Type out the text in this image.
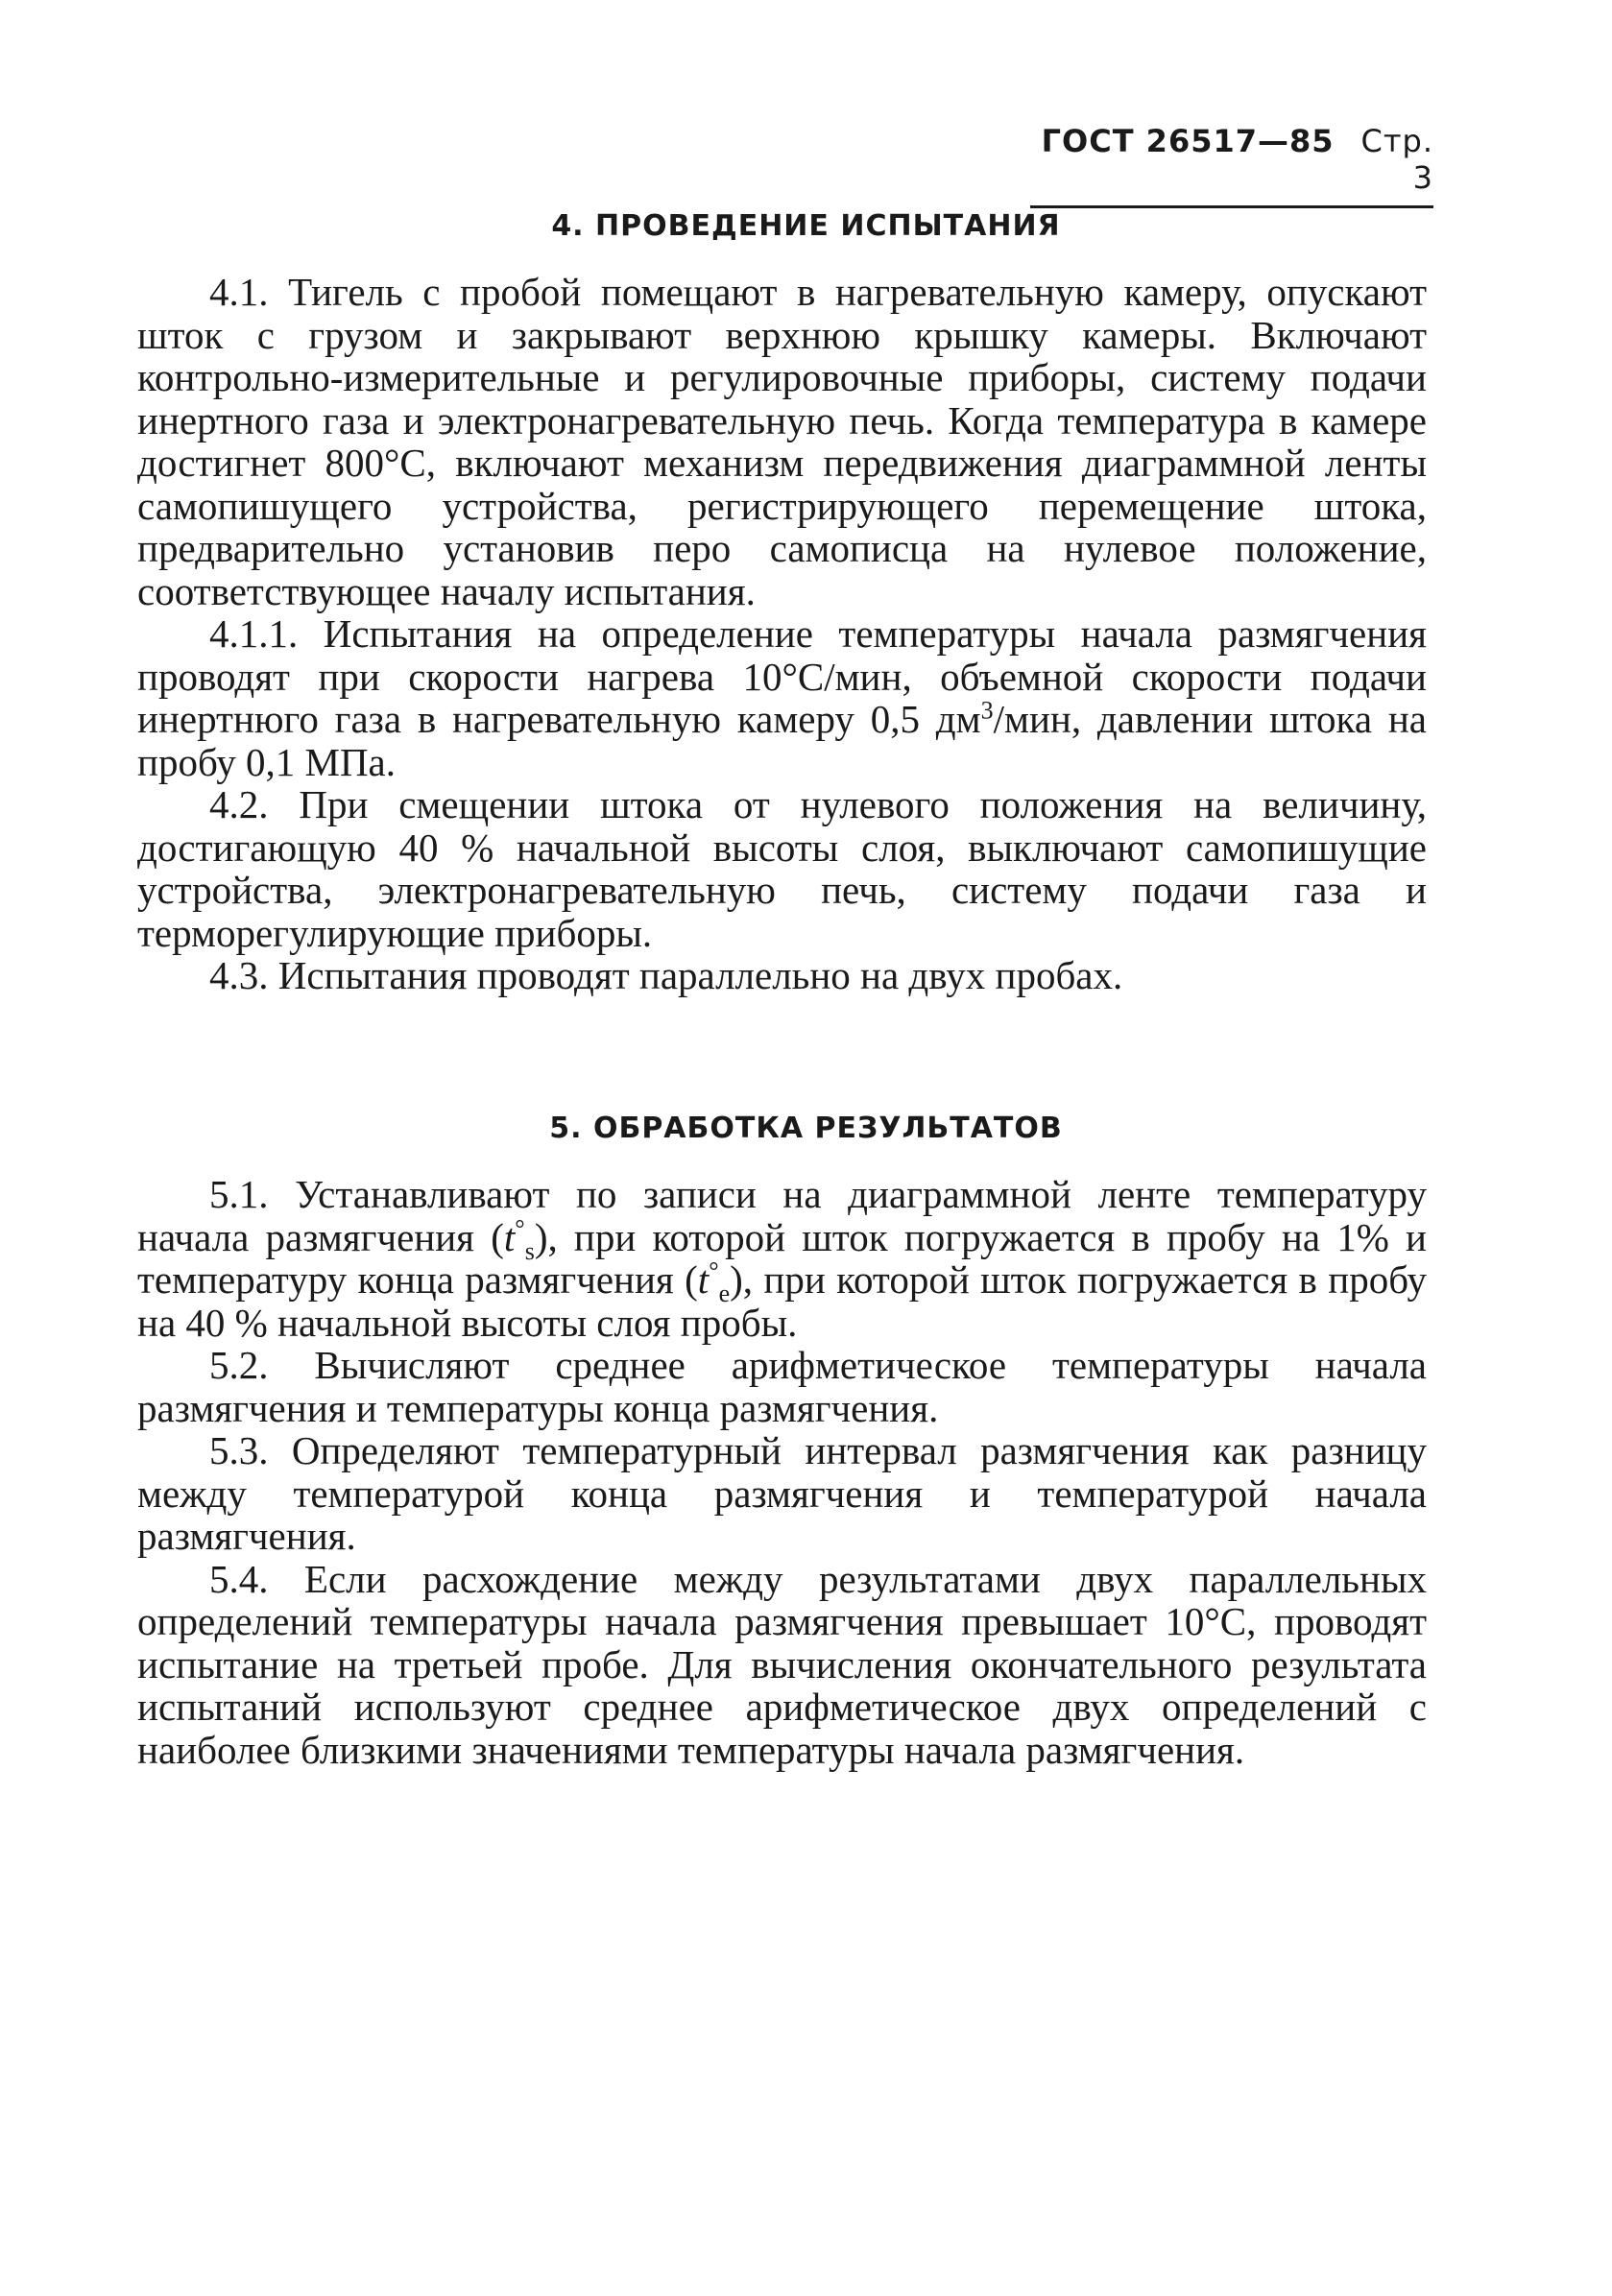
ГОСТ 26517—85 Стр. 3
4. ПРОВЕДЕНИЕ ИСПЫТАНИЯ

4.1. Тигель с пробой помещают в нагревательную камеру, опускают шток с грузом и закрывают верхнюю крышку камеры. Включают контрольно-измерительные и регулировочные приборы, систему подачи инертного газа и электронагревательную печь. Когда температура в камере достигнет 800°С, включают механизм передвижения диаграммной ленты самопишущего устройства, регистрирующего перемещение штока, предварительно установив перо самописца на нулевое положение, соответствующее началу испытания.

4.1.1. Испытания на определение температуры начала размягчения проводят при скорости нагрева 10°С/мин, объемной скорости подачи инертнюго газа в нагревательную камеру 0,5 $дм^3$/мин, давлении штока на пробу 0,1 МПа.

4.2. При смещении штока от нулевого положения на величину, достигающую 40 % начальной высоты слоя, выключают самопишущие устройства, электронагревательную печь, систему подачи газа и терморегулирующие приборы.

4.3. Испытания проводят параллельно на двух пробах.

5. ОБРАБОТКА РЕЗУЛЬТАТОВ

5.1. Устанавливают по записи на диаграммной ленте температуру начала размягчения $(t^\circ_s)$, при которой шток погружается в пробу на 1% и температуру конца размягчения $(t^\circ_e)$, при которой шток погружается в пробу на 40 % начальной высоты слоя пробы.

5.2. Вычисляют среднее арифметическое температуры начала размягчения и температуры конца размягчения.

5.3. Определяют температурный интервал размягчения как разницу между температурой конца размягчения и температурой начала размягчения.

5.4. Если расхождение между результатами двух параллельных определений температуры начала размягчения превышает 10°С, проводят испытание на третьей пробе. Для вычисления окончательного результата испытаний используют среднее арифметическое двух определений с наиболее близкими значениями температуры начала размягчения.
